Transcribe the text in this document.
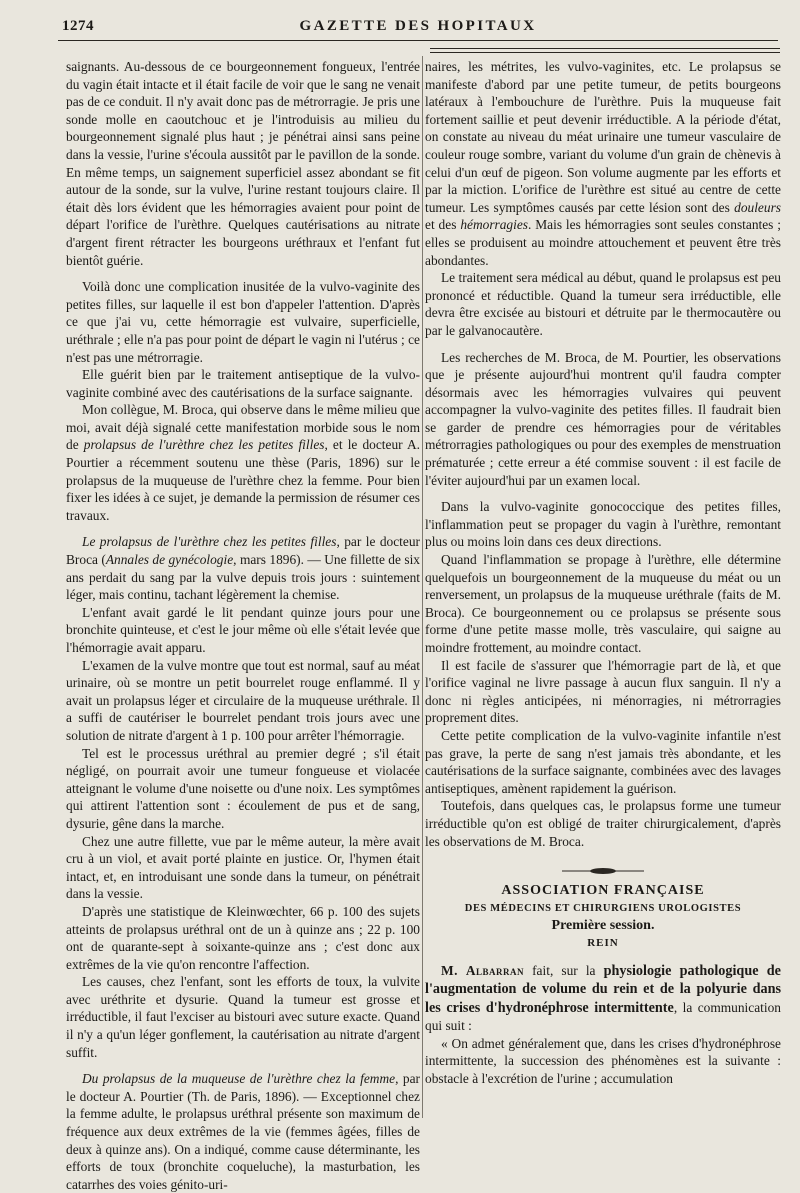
1274	GAZETTE DES HOPITAUX

saignants. Au-dessous de ce bourgeonnement fongueux, l'entrée du vagin était intacte et il était facile de voir que le sang ne venait pas de ce conduit. Il n'y avait donc pas de métrorragie. Je pris une sonde molle en caoutchouc et je l'introduisis au milieu du bourgeonnement signalé plus haut ; je pénétrai ainsi sans peine dans la vessie, l'urine s'écoula aussitôt par le pavillon de la sonde. En même temps, un saignement superficiel assez abondant se fit autour de la sonde, sur la vulve, l'urine restant toujours claire. Il était dès lors évident que les hémorragies avaient pour point de départ l'orifice de l'urèthre. Quelques cautérisations au nitrate d'argent firent rétracter les bourgeons uréthraux et l'enfant fut bientôt guérie.

Voilà donc une complication inusitée de la vulvo-vaginite des petites filles, sur laquelle il est bon d'appeler l'attention. D'après ce que j'ai vu, cette hémorragie est vulvaire, superficielle, uréthrale ; elle n'a pas pour point de départ le vagin ni l'utérus ; ce n'est pas une métrorragie.

Elle guérit bien par le traitement antiseptique de la vulvo-vaginite combiné avec des cautérisations de la surface saignante.

Mon collègue, M. Broca, qui observe dans le même milieu que moi, avait déjà signalé cette manifestation morbide sous le nom de prolapsus de l'urèthre chez les petites filles, et le docteur A. Pourtier a récemment soutenu une thèse (Paris, 1896) sur le prolapsus de la muqueuse de l'urèthre chez la femme. Pour bien fixer les idées à ce sujet, je demande la permission de résumer ces travaux.

Le prolapsus de l'urèthre chez les petites filles, par le docteur Broca (Annales de gynécologie, mars 1896). — Une fillette de six ans perdait du sang par la vulve depuis trois jours : suintement léger, mais continu, tachant légèrement la chemise.

L'enfant avait gardé le lit pendant quinze jours pour une bronchite quinteuse, et c'est le jour même où elle s'était levée que l'hémorragie avait apparu.

L'examen de la vulve montre que tout est normal, sauf au méat urinaire, où se montre un petit bourrelet rouge enflammé. Il y avait un prolapsus léger et circulaire de la muqueuse uréthrale. Il a suffi de cautériser le bourrelet pendant trois jours avec une solution de nitrate d'argent à 1 p. 100 pour arrêter l'hémorragie.

Tel est le processus uréthral au premier degré ; s'il était négligé, on pourrait avoir une tumeur fongueuse et violacée atteignant le volume d'une noisette ou d'une noix. Les symptômes qui attirent l'attention sont : écoulement de pus et de sang, dysurie, gêne dans la marche.

Chez une autre fillette, vue par le même auteur, la mère avait cru à un viol, et avait porté plainte en justice. Or, l'hymen était intact, et, en introduisant une sonde dans la tumeur, on pénétrait dans la vessie.

D'après une statistique de Kleinwœchter, 66 p. 100 des sujets atteints de prolapsus uréthral ont de un à quinze ans ; 22 p. 100 ont de quarante-sept à soixante-quinze ans ; c'est donc aux extrêmes de la vie qu'on rencontre l'affection.

Les causes, chez l'enfant, sont les efforts de toux, la vulvite avec uréthrite et dysurie. Quand la tumeur est grosse et irréductible, il faut l'exciser au bistouri avec suture exacte. Quand il n'y a qu'un léger gonflement, la cautérisation au nitrate d'argent suffit.

Du prolapsus de la muqueuse de l'urèthre chez la femme, par le docteur A. Pourtier (Th. de Paris, 1896). — Exceptionnel chez la femme adulte, le prolapsus uréthral présente son maximum de fréquence aux deux extrêmes de la vie (femmes âgées, filles de deux à quinze ans). On a indiqué, comme cause déterminante, les efforts de toux (bronchite coqueluche), la masturbation, les catarrhes des voies génito-uri-

naires, les métrites, les vulvo-vaginites, etc. Le prolapsus se manifeste d'abord par une petite tumeur, de petits bourgeons latéraux à l'embouchure de l'urèthre. Puis la muqueuse fait fortement saillie et peut devenir irréductible. A la période d'état, on constate au niveau du méat urinaire une tumeur vasculaire de couleur rouge sombre, variant du volume d'un grain de chènevis à celui d'un œuf de pigeon. Son volume augmente par les efforts et par la miction. L'orifice de l'urèthre est situé au centre de cette tumeur. Les symptômes causés par cette lésion sont des douleurs et des hémorragies. Mais les hémorragies sont seules constantes ; elles se produisent au moindre attouchement et peuvent être très abondantes.

Le traitement sera médical au début, quand le prolapsus est peu prononcé et réductible. Quand la tumeur sera irréductible, elle devra être excisée au bistouri et détruite par le thermocautère ou par le galvanocautère.

Les recherches de M. Broca, de M. Pourtier, les observations que je présente aujourd'hui montrent qu'il faudra compter désormais avec les hémorragies vulvaires qui peuvent accompagner la vulvo-vaginite des petites filles. Il faudrait bien se garder de prendre ces hémorragies pour de véritables métrorragies pathologiques ou pour des exemples de menstruation prématurée ; cette erreur a été commise souvent : il est facile de l'éviter aujourd'hui par un examen local.

Dans la vulvo-vaginite gonococcique des petites filles, l'inflammation peut se propager du vagin à l'urèthre, remontant plus ou moins loin dans ces deux directions.

Quand l'inflammation se propage à l'urèthre, elle détermine quelquefois un bourgeonnement de la muqueuse du méat ou un renversement, un prolapsus de la muqueuse uréthrale (faits de M. Broca). Ce bourgeonnement ou ce prolapsus se présente sous forme d'une petite masse molle, très vasculaire, qui saigne au moindre frottement, au moindre contact.

Il est facile de s'assurer que l'hémorragie part de là, et que l'orifice vaginal ne livre passage à aucun flux sanguin. Il n'y a donc ni règles anticipées, ni ménorragies, ni métrorragies proprement dites.

Cette petite complication de la vulvo-vaginite infantile n'est pas grave, la perte de sang n'est jamais très abondante, et les cautérisations de la surface saignante, combinées avec des lavages antiseptiques, amènent rapidement la guérison.

Toutefois, dans quelques cas, le prolapsus forme une tumeur irréductible qu'on est obligé de traiter chirurgicalement, d'après les observations de M. Broca.

ASSOCIATION FRANÇAISE

DES MÉDECINS ET CHIRURGIENS UROLOGISTES

Première session.

REIN

M. Albarran fait, sur la physiologie pathologique de l'augmentation de volume du rein et de la polyurie dans les crises d'hydronéphrose intermittente, la communication qui suit :

« On admet généralement que, dans les crises d'hydronéphrose intermittente, la succession des phénomènes est la suivante : obstacle à l'excrétion de l'urine ; accumulation
